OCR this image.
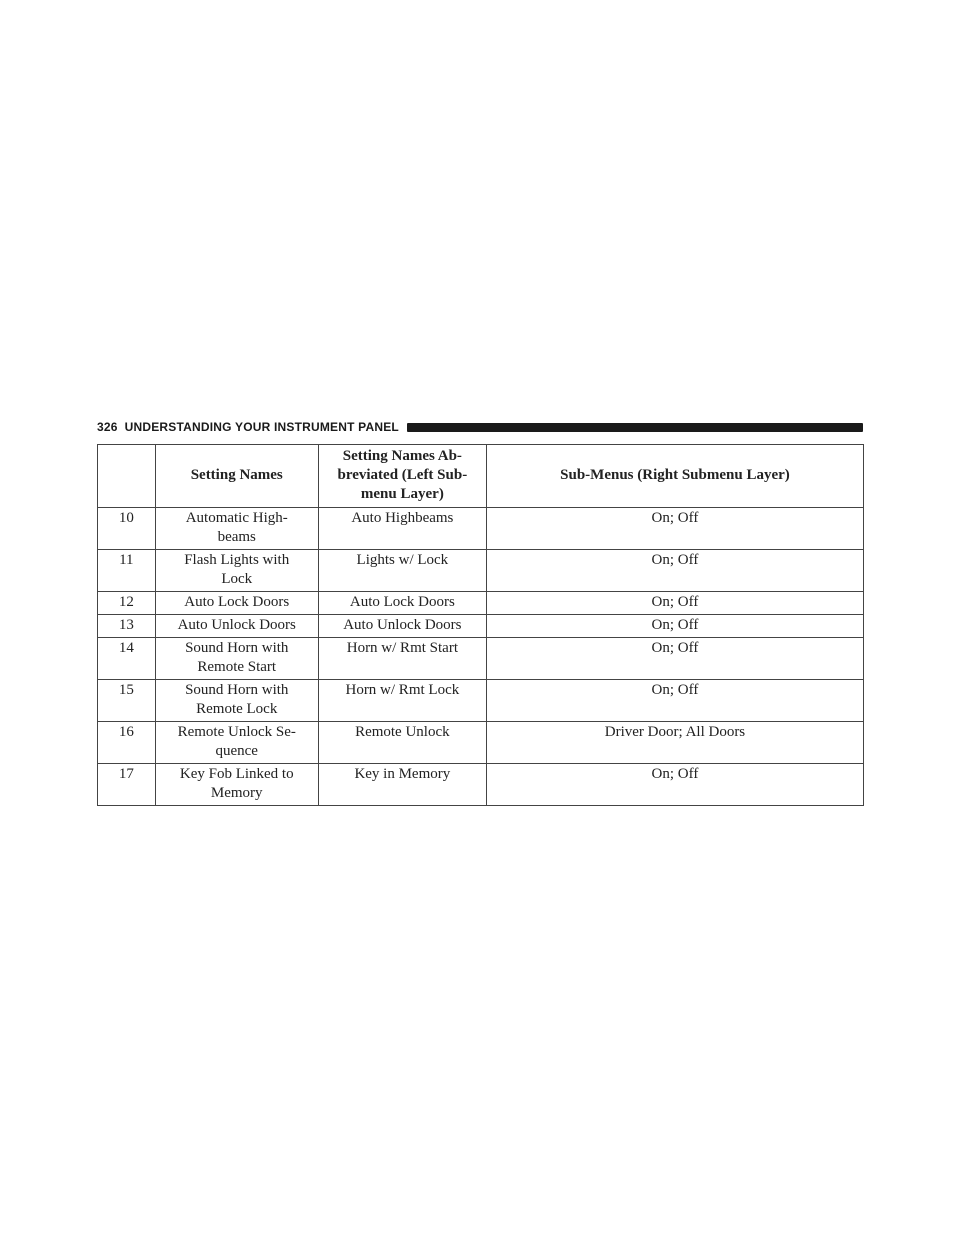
326 UNDERSTANDING YOUR INSTRUMENT PANEL
	Setting Names	Setting Names Ab-
breviated (Left Sub-
menu Layer)	Sub-Menus (Right Submenu Layer)
10	Automatic High-
beams	Auto Highbeams	On; Off
11	Flash Lights with
Lock	Lights w/ Lock	On; Off
12	Auto Lock Doors	Auto Lock Doors	On; Off
13	Auto Unlock Doors	Auto Unlock Doors	On; Off
14	Sound Horn with
Remote Start	Horn w/ Rmt Start	On; Off
15	Sound Horn with
Remote Lock	Horn w/ Rmt Lock	On; Off
16	Remote Unlock Se-
quence	Remote Unlock	Driver Door; All Doors
17	Key Fob Linked to
Memory	Key in Memory	On; Off
